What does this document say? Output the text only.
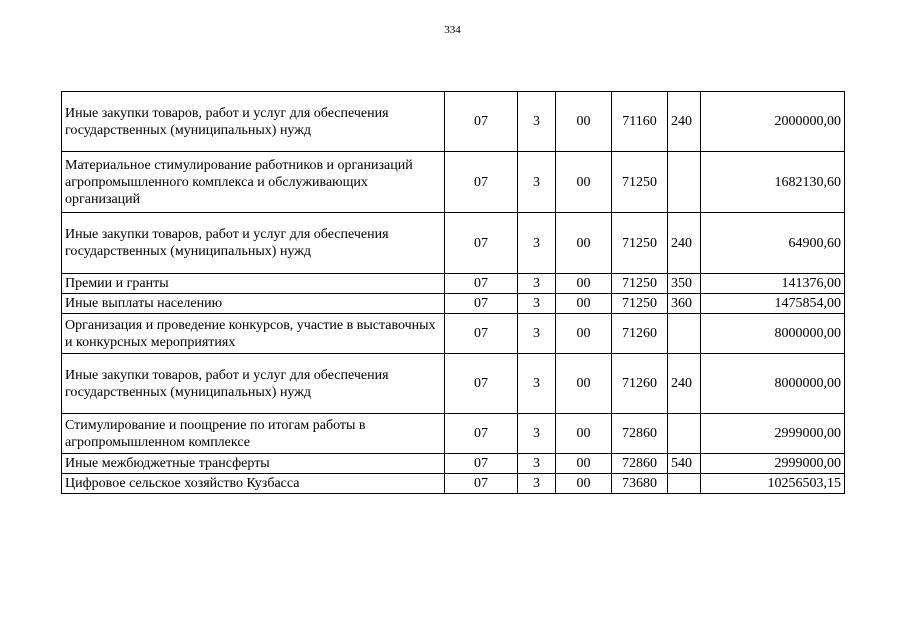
334
Иные закупки товаров, работ и услуг для обеспечения государственных (муниципальных) нужд	07	3	00	71160	240	2000000,00
Материальное стимулирование работников и организаций агропромышленного комплекса и обслуживающих организаций	07	3	00	71250		1682130,60
Иные закупки товаров, работ и услуг для обеспечения государственных (муниципальных) нужд	07	3	00	71250	240	64900,60
Премии и гранты	07	3	00	71250	350	141376,00
Иные выплаты населению	07	3	00	71250	360	1475854,00
Организация и проведение конкурсов, участие в выставочных и конкурсных мероприятиях	07	3	00	71260		8000000,00
Иные закупки товаров, работ и услуг для обеспечения государственных (муниципальных) нужд	07	3	00	71260	240	8000000,00
Стимулирование и поощрение по итогам работы в агропромышленном комплексе	07	3	00	72860		2999000,00
Иные межбюджетные трансферты	07	3	00	72860	540	2999000,00
Цифровое сельское хозяйство Кузбасса	07	3	00	73680		10256503,15
